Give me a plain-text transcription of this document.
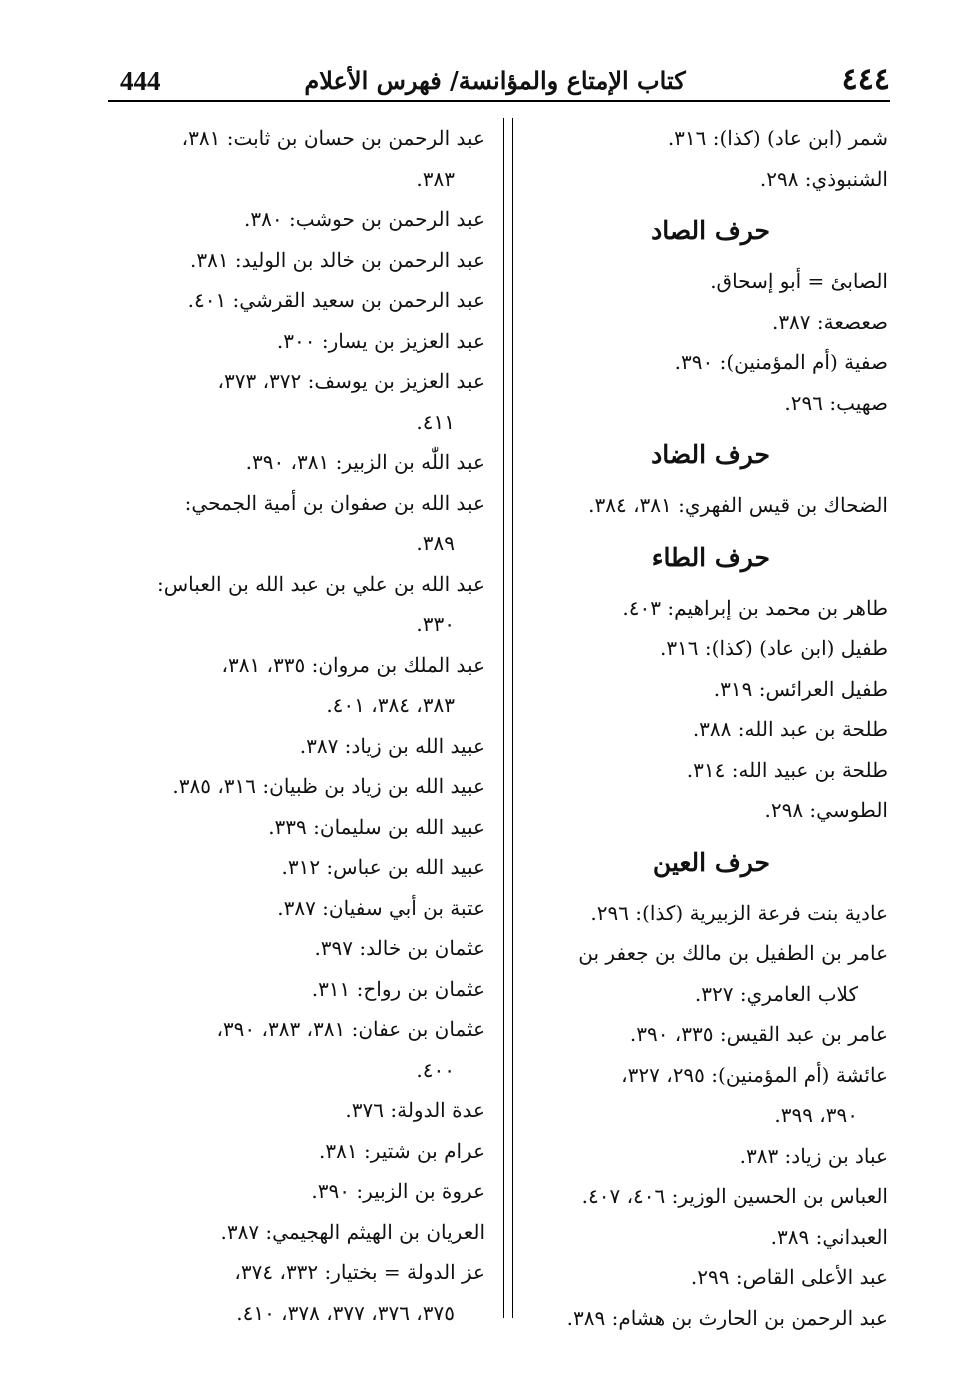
444	كتاب الإمتاع والمؤانسة/ فهرس الأعلام	٤٤٤
شمر (ابن عاد) (كذا): ٣١٦.
الشنبوذي: ٢٩٨.
حرف الصاد
الصابئ = أبو إسحاق.
صعصعة: ٣٨٧.
صفية (أم المؤمنين): ٣٩٠.
صهيب: ٢٩٦.
حرف الضاد
الضحاك بن قيس الفهري: ٣٨١، ٣٨٤.
حرف الطاء
طاهر بن محمد بن إبراهيم: ٤٠٣.
طفيل (ابن عاد) (كذا): ٣١٦.
طفيل العرائس: ٣١٩.
طلحة بن عبد الله: ٣٨٨.
طلحة بن عبيد الله: ٣١٤.
الطوسي: ٢٩٨.
حرف العين
عادية بنت فرعة الزبيرية (كذا): ٢٩٦.
عامر بن الطفيل بن مالك بن جعفر بن
كلاب العامري: ٣٢٧.
عامر بن عبد القيس: ٣٣٥، ٣٩٠.
عائشة (أم المؤمنين): ٢٩٥، ٣٢٧،
٣٩٠، ٣٩٩.
عباد بن زياد: ٣٨٣.
العباس بن الحسين الوزير: ٤٠٦، ٤٠٧.
العبداني: ٣٨٩.
عبد الأعلى القاص: ٢٩٩.
عبد الرحمن بن الحارث بن هشام: ٣٨٩.
عبد الرحمن بن حسان بن ثابت: ٣٨١،
٣٨٣.
عبد الرحمن بن حوشب: ٣٨٠.
عبد الرحمن بن خالد بن الوليد: ٣٨١.
عبد الرحمن بن سعيد القرشي: ٤٠١.
عبد العزيز بن يسار: ٣٠٠.
عبد العزيز بن يوسف: ٣٧٢، ٣٧٣،
٤١١.
عبد اللّٰه بن الزبير: ٣٨١، ٣٩٠.
عبد الله بن صفوان بن أمية الجمحي:
٣٨٩.
عبد الله بن علي بن عبد الله بن العباس:
٣٣٠.
عبد الملك بن مروان: ٣٣٥، ٣٨١،
٣٨٣، ٣٨٤، ٤٠١.
عبيد الله بن زياد: ٣٨٧.
عبيد الله بن زياد بن ظبيان: ٣١٦، ٣٨٥.
عبيد الله بن سليمان: ٣٣٩.
عبيد الله بن عباس: ٣١٢.
عتبة بن أبي سفيان: ٣٨٧.
عثمان بن خالد: ٣٩٧.
عثمان بن رواح: ٣١١.
عثمان بن عفان: ٣٨١، ٣٨٣، ٣٩٠،
٤٠٠.
عدة الدولة: ٣٧٦.
عرام بن شتير: ٣٨١.
عروة بن الزبير: ٣٩٠.
العريان بن الهيثم الهجيمي: ٣٨٧.
عز الدولة = بختيار: ٣٣٢، ٣٧٤،
٣٧٥، ٣٧٦، ٣٧٧، ٣٧٨، ٤١٠.
